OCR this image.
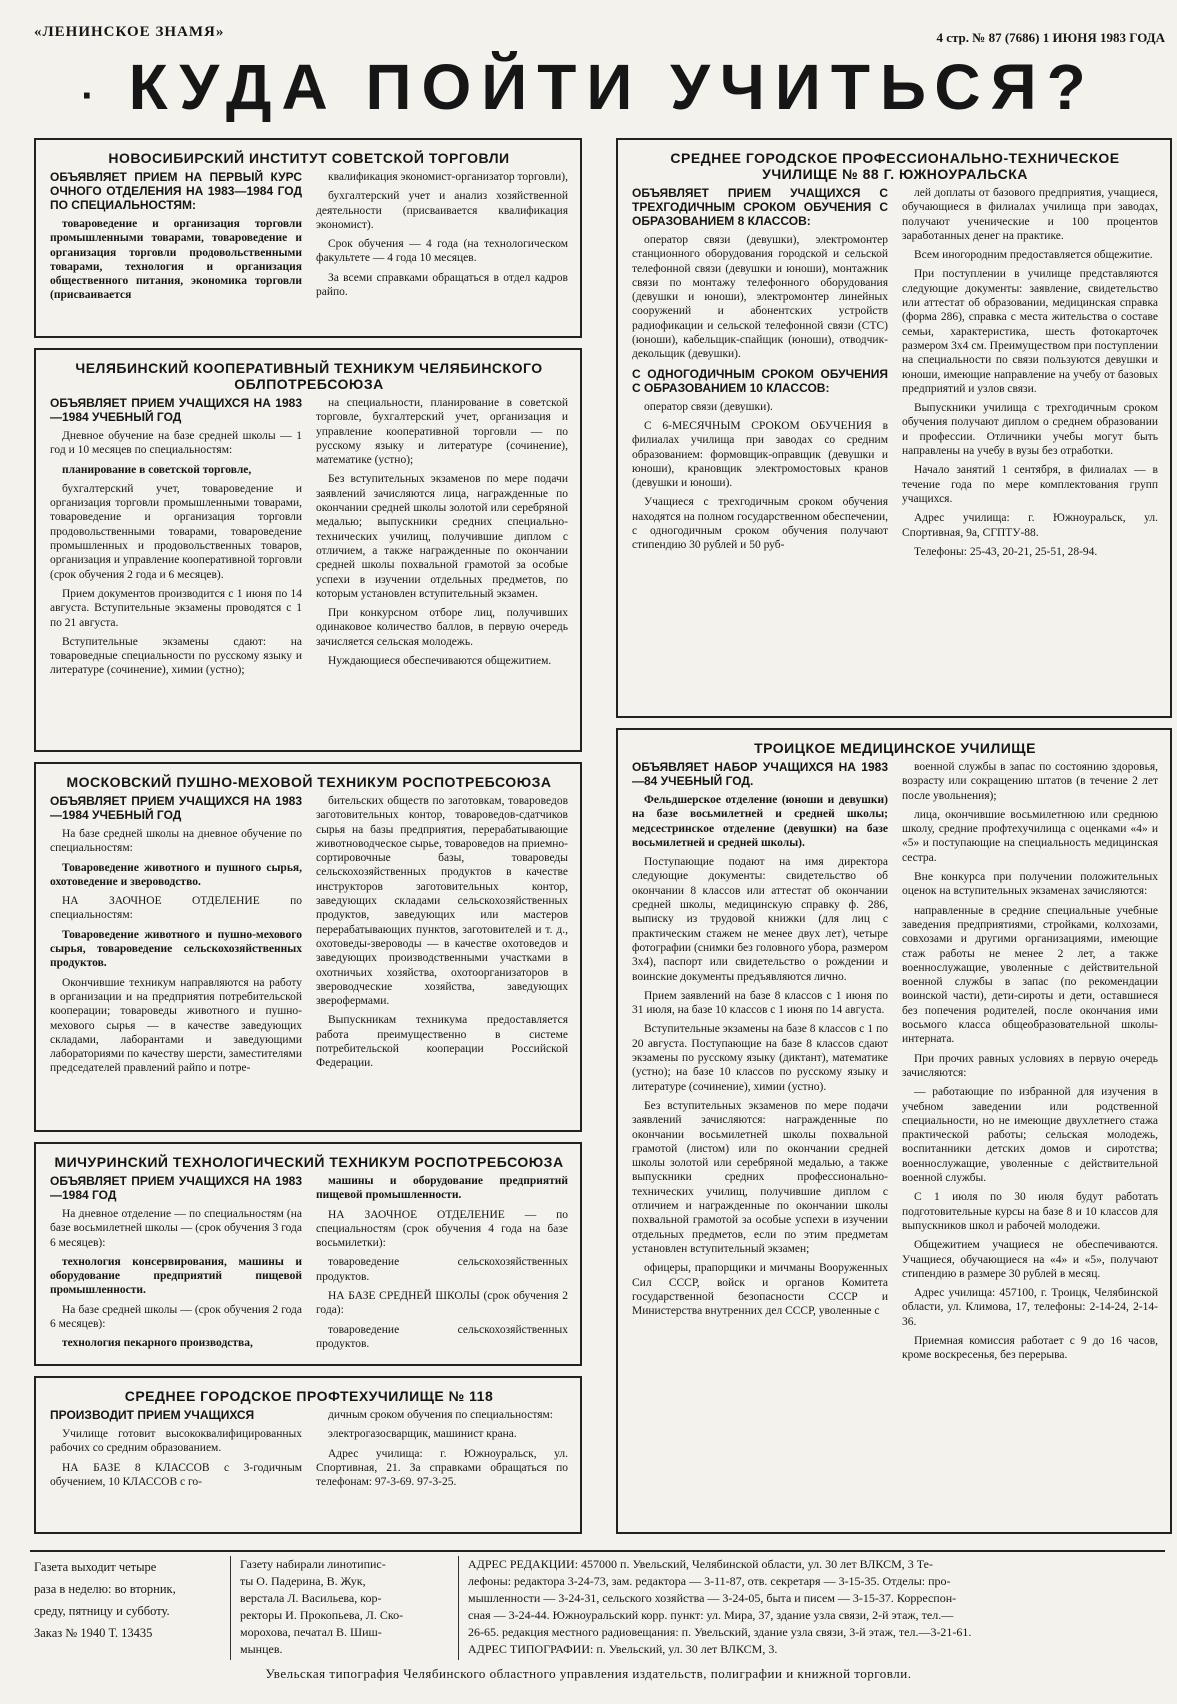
«ЛЕНИНСКОЕ ЗНАМЯ»	4 стр. № 87 (7686) 1 ИЮНЯ 1983 ГОДА
· КУДА ПОЙТИ УЧИТЬСЯ?
НОВОСИБИРСКИЙ ИНСТИТУТ СОВЕТСКОЙ ТОРГОВЛИ

ОБЪЯВЛЯЕТ ПРИЕМ НА ПЕРВЫЙ КУРС ОЧНОГО ОТДЕЛЕНИЯ НА 1983—1984 ГОД ПО СПЕЦИАЛЬНОСТЯМ:

товароведение и организация торговли промышленными товарами, товароведение и организация торговли продовольственными товарами, технология и организация общественного питания, экономика торговли (присваивается

квалификация экономист-организатор торговли),

бухгалтерский учет и анализ хозяйственной деятельности (присваивается квалификация экономист).

Срок обучения — 4 года (на технологическом факультете — 4 года 10 месяцев.

За всеми справками обращаться в отдел кадров райпо.

ЧЕЛЯБИНСКИЙ КООПЕРАТИВНЫЙ ТЕХНИКУМ ЧЕЛЯБИНСКОГО ОБЛПОТРЕБСОЮЗА

ОБЪЯВЛЯЕТ ПРИЕМ УЧАЩИХСЯ НА 1983—1984 УЧЕБНЫЙ ГОД

Дневное обучение на базе средней школы — 1 год и 10 месяцев по специальностям:

планирование в советской торговле,

бухгалтерский учет, товароведение и организация торговли промышленными товарами, товароведение и организация торговли продовольственными товарами, товароведение промышленных и продовольственных товаров, организация и управление кооперативной торговли (срок обучения 2 года и 6 месяцев).

Прием документов производится с 1 июня по 14 августа. Вступительные экзамены проводятся с 1 по 21 августа.

Вступительные экзамены сдают: на товароведные специальности по русскому языку и литературе (сочинение), химии (устно);

на специальности, планирование в советской торговле, бухгалтерский учет, организация и управление кооперативной торговли — по русскому языку и литературе (сочинение), математике (устно);

Без вступительных экзаменов по мере подачи заявлений зачисляются лица, награжденные по окончании средней школы золотой или серебряной медалью; выпускники средних специально-технических училищ, получившие диплом с отличием, а также награжденные по окончании средней школы похвальной грамотой за особые успехи в изучении отдельных предметов, по которым установлен вступительный экзамен.

При конкурсном отборе лиц, получивших одинаковое количество баллов, в первую очередь зачисляется сельская молодежь.

Нуждающиеся обеспечиваются общежитием.

МОСКОВСКИЙ ПУШНО-МЕХОВОЙ ТЕХНИКУМ РОСПОТРЕБСОЮЗА

ОБЪЯВЛЯЕТ ПРИЕМ УЧАЩИХСЯ НА 1983—1984 УЧЕБНЫЙ ГОД

На базе средней школы на дневное обучение по специальностям:

Товароведение животного и пушного сырья, охотоведение и звероводство.

НА ЗАОЧНОЕ ОТДЕЛЕНИЕ по специальностям:

Товароведение животного и пушно-мехового сырья, товароведение сельскохозяйственных продуктов.

Окончившие техникум направляются на работу в организации и на предприятия потребительской кооперации; товароведы животного и пушно-мехового сырья — в качестве заведующих складами, лаборантами и заведующими лабораториями по качеству шерсти, заместителями председателей правлений райпо и потре-

бительских обществ по заготовкам, товароведов заготовительных контор, товароведов-сдатчиков сырья на базы предприятия, перерабатывающие животноводческое сырье, товароведов на приемно-сортировочные базы, товароведы сельскохозяйственных продуктов в качестве инструкторов заготовительных контор, заведующих складами сельскохозяйственных продуктов, заведующих или мастеров перерабатывающих пунктов, заготовителей и т. д., охотоведы-звероводы — в качестве охотоведов и заведующих производственными участками в охотничьих хозяйства, охотоорганизаторов в звероводческие хозяйства, заведующих зверофермами.

Выпускникам техникума предоставляется работа преимущественно в системе потребительской кооперации Российской Федерации.

МИЧУРИНСКИЙ ТЕХНОЛОГИЧЕСКИЙ ТЕХНИКУМ РОСПОТРЕБСОЮЗА

ОБЪЯВЛЯЕТ ПРИЕМ УЧАЩИХСЯ НА 1983—1984 ГОД

На дневное отделение — по специальностям (на базе восьмилетней школы — (срок обучения 3 года 6 месяцев):

технология консервирования, машины и оборудование предприятий пищевой промышленности.

На базе средней школы — (срок обучения 2 года 6 месяцев):

технология пекарного производства,

машины и оборудование предприятий пищевой промышленности.

НА ЗАОЧНОЕ ОТДЕЛЕНИЕ — по специальностям (срок обучения 4 года на базе восьмилетки):

товароведение сельскохозяйственных продуктов.

НА БАЗЕ СРЕДНЕЙ ШКОЛЫ (срок обучения 2 года):

товароведение сельскохозяйственных продуктов.

СРЕДНЕЕ ГОРОДСКОЕ ПРОФТЕХУЧИЛИЩЕ № 118

ПРОИЗВОДИТ ПРИЕМ УЧАЩИХСЯ

Училище готовит высококвалифицированных рабочих со средним образованием.

НА БАЗЕ 8 КЛАССОВ с 3-годичным обучением, 10 КЛАССОВ с го-

дичным сроком обучения по специальностям:

электрогазосварщик, машинист крана.

Адрес училища: г. Южноуральск, ул. Спортивная, 21. За справками обращаться по телефонам: 97-3-69. 97-3-25.

СРЕДНЕЕ ГОРОДСКОЕ ПРОФЕССИОНАЛЬНО-ТЕХНИЧЕСКОЕ УЧИЛИЩЕ № 88 Г. ЮЖНОУРАЛЬСКА

ОБЪЯВЛЯЕТ ПРИЕМ УЧАЩИХСЯ С ТРЕХГОДИЧНЫМ СРОКОМ ОБУЧЕНИЯ С ОБРАЗОВАНИЕМ 8 КЛАССОВ:

оператор связи (девушки), электромонтер станционного оборудования городской и сельской телефонной связи (девушки и юноши), монтажник связи по монтажу телефонного оборудования (девушки и юноши), электромонтер линейных сооружений и абонентских устройств радиофикации и сельской телефонной связи (СТС) (юноши), кабельщик-спайщик (юноши), отводчик-декольщик (девушки).

С ОДНОГОДИЧНЫМ СРОКОМ ОБУЧЕНИЯ С ОБРАЗОВАНИЕМ 10 КЛАССОВ:

оператор связи (девушки).

С 6-МЕСЯЧНЫМ СРОКОМ ОБУЧЕНИЯ в филиалах училища при заводах со средним образованием: формовщик-оправщик (девушки и юноши), крановщик электромостовых кранов (девушки и юноши).

Учащиеся с трехгодичным сроком обучения находятся на полном государственном обеспечении, с одногодичным сроком обучения получают стипендию 30 рублей и 50 руб-

лей доплаты от базового предприятия, учащиеся, обучающиеся в филиалах училища при заводах, получают ученические и 100 процентов заработанных денег на практике.

Всем иногородним предоставляется общежитие.

При поступлении в училище представляются следующие документы: заявление, свидетельство или аттестат об образовании, медицинская справка (форма 286), справка с места жительства о составе семьи, характеристика, шесть фотокарточек размером 3х4 см. Преимуществом при поступлении на специальности по связи пользуются девушки и юноши, имеющие направление на учебу от базовых предприятий и узлов связи.

Выпускники училища с трехгодичным сроком обучения получают диплом о среднем образовании и профессии. Отличники учебы могут быть направлены на учебу в вузы без отработки.

Начало занятий 1 сентября, в филиалах — в течение года по мере комплектования групп учащихся.

Адрес училища: г. Южноуральск, ул. Спортивная, 9а, СГПТУ-88.

Телефоны: 25-43, 20-21, 25-51, 28-94.

ТРОИЦКОЕ МЕДИЦИНСКОЕ УЧИЛИЩЕ

ОБЪЯВЛЯЕТ НАБОР УЧАЩИХСЯ НА 1983—84 УЧЕБНЫЙ ГОД.

Фельдшерское отделение (юноши и девушки) на базе восьмилетней и средней школы; медсестринское отделение (девушки) на базе восьмилетней и средней школы).

Поступающие подают на имя директора следующие документы: свидетельство об окончании 8 классов или аттестат об окончании средней школы, медицинскую справку ф. 286, выписку из трудовой книжки (для лиц с практическим стажем не менее двух лет), четыре фотографии (снимки без головного убора, размером 3х4), паспорт или свидетельство о рождении и воинские документы предъявляются лично.

Прием заявлений на базе 8 классов с 1 июня по 31 июля, на базе 10 классов с 1 июня по 14 августа.

Вступительные экзамены на базе 8 классов с 1 по 20 августа. Поступающие на базе 8 классов сдают экзамены по русскому языку (диктант), математике (устно); на базе 10 классов по русскому языку и литературе (сочинение), химии (устно).

Без вступительных экзаменов по мере подачи заявлений зачисляются: награжденные по окончании восьмилетней школы похвальной грамотой (листом) или по окончании средней школы золотой или серебряной медалью, а также выпускники средних профессионально-технических училищ, получившие диплом с отличием и награжденные по окончании школы похвальной грамотой за особые успехи в изучении отдельных предметов, если по этим предметам установлен вступительный экзамен;

офицеры, прапорщики и мичманы Вооруженных Сил СССР, войск и органов Комитета государственной безопасности СССР и Министерства внутренних дел СССР, уволенные с

военной службы в запас по состоянию здоровья, возрасту или сокращению штатов (в течение 2 лет после увольнения);

лица, окончившие восьмилетнюю или среднюю школу, средние профтехучилища с оценками «4» и «5» и поступающие на специальность медицинская сестра.

Вне конкурса при получении положительных оценок на вступительных экзаменах зачисляются:

направленные в средние специальные учебные заведения предприятиями, стройками, колхозами, совхозами и другими организациями, имеющие стаж работы не менее 2 лет, а также военнослужащие, уволенные с действительной военной службы в запас (по рекомендации воинской части), дети-сироты и дети, оставшиеся без попечения родителей, после окончания ими восьмого класса общеобразовательной школы-интерната.

При прочих равных условиях в первую очередь зачисляются:

— работающие по избранной для изучения в учебном заведении или родственной специальности, но не имеющие двухлетнего стажа практической работы; сельская молодежь, воспитанники детских домов и сиротства; военнослужащие, уволенные с действительной военной службы.

С 1 июля по 30 июля будут работать подготовительные курсы на базе 8 и 10 классов для выпускников школ и рабочей молодежи.

Общежитием учащиеся не обеспечиваются. Учащиеся, обучающиеся на «4» и «5», получают стипендию в размере 30 рублей в месяц.

Адрес училища: 457100, г. Троицк, Челябинской области, ул. Климова, 17, телефоны: 2-14-24, 2-14-36.

Приемная комиссия работает с 9 до 16 часов, кроме воскресенья, без перерыва.

Газета выходит четыре
раза в неделю: во вторник,
среду, пятницу и субботу.
Заказ № 1940 Т. 13435
Газету набирали линотипис-
ты О. Падерина, В. Жук,
верстала Л. Васильева, кор-
ректоры И. Прокопьева, Л. Ско-
морохова, печатал В. Шиш-
мынцев.
АДРЕС РЕДАКЦИИ: 457000 п. Увельский, Челябинской области, ул. 30 лет ВЛКСМ, 3 Те-
лефоны: редактора 3-24-73, зам. редактора — 3-11-87, отв. секретаря — 3-15-35. Отделы: про-
мышленности — 3-24-31, сельского хозяйства — 3-24-05, быта и писем — 3-15-37. Корреспон-
сная — 3-24-44. Южноуральский корр. пункт: ул. Мира, 37, здание узла связи, 2-й этаж, тел.—
26-65. редакция местного радиовещания: п. Увельский, здание узла связи, 3-й этаж, тел.—3-21-61.
АДРЕС ТИПОГРАФИИ: п. Увельский, ул. 30 лет ВЛКСМ, 3.
Увельская типография Челябинского областного управления издательств, полиграфии и книжной торговли.
